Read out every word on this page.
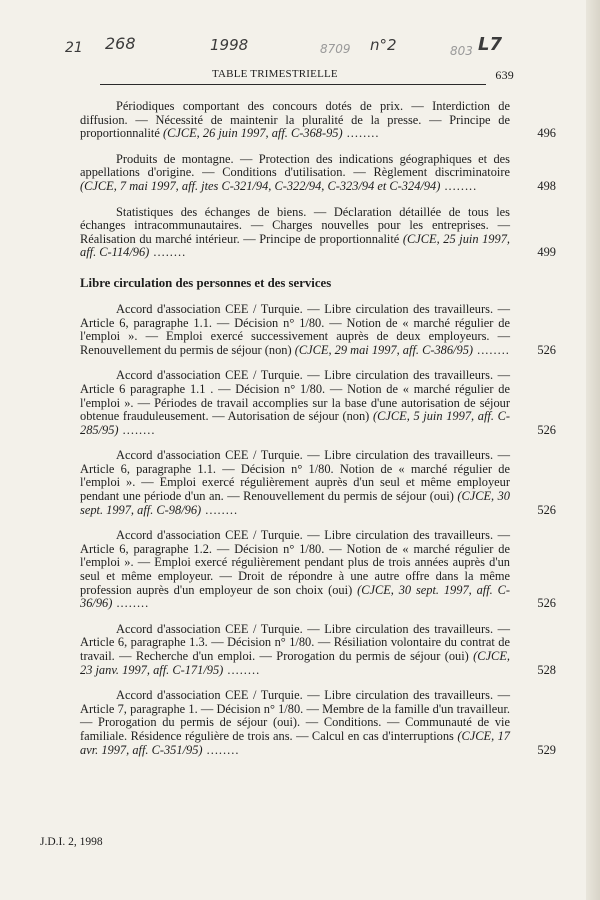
21 268	1998	8709 n°2	803 L7
TABLE TRIMESTRIELLE	639
Périodiques comportant des concours dotés de prix. — Interdiction de diffusion. — Nécessité de maintenir la pluralité de la presse. — Principe de proportionnalité (CJCE, 26 juin 1997, aff. C-368-95) ........	496
Produits de montagne. — Protection des indications géographiques et des appellations d'origine. — Conditions d'utilisation. — Règlement discriminatoire (CJCE, 7 mai 1997, aff. jtes C-321/94, C-322/94, C-323/94 et C-324/94) ........	498
Statistiques des échanges de biens. — Déclaration détaillée de tous les échanges intracommunautaires. — Charges nouvelles pour les entreprises. — Réalisation du marché intérieur. — Principe de proportionnalité (CJCE, 25 juin 1997, aff. C-114/96) ........	499
Libre circulation des personnes et des services
Accord d'association CEE / Turquie. — Libre circulation des travailleurs. — Article 6, paragraphe 1.1. — Décision n° 1/80. — Notion de « marché régulier de l'emploi ». — Emploi exercé successivement auprès de deux employeurs. — Renouvellement du permis de séjour (non) (CJCE, 29 mai 1997, aff. C-386/95) ........ 526
Accord d'association CEE / Turquie. — Libre circulation des travailleurs. — Article 6 paragraphe 1.1 . — Décision n° 1/80. — Notion de « marché régulier de l'emploi ». — Périodes de travail accomplies sur la base d'une autorisation de séjour obtenue frauduleusement. — Autorisation de séjour (non) (CJCE, 5 juin 1997, aff. C-285/95) ........	526
Accord d'association CEE / Turquie. — Libre circulation des travailleurs. — Article 6, paragraphe 1.1. — Décision n° 1/80. Notion de « marché régulier de l'emploi ». — Emploi exercé régulièrement auprès d'un seul et même employeur pendant une période d'un an. — Renouvellement du permis de séjour (oui) (CJCE, 30 sept. 1997, aff. C-98/96) ........	526
Accord d'association CEE / Turquie. — Libre circulation des travailleurs. — Article 6, paragraphe 1.2. — Décision n° 1/80. — Notion de « marché régulier de l'emploi ». — Emploi exercé régulièrement pendant plus de trois années auprès d'un seul et même employeur. — Droit de répondre à une autre offre dans la même profession auprès d'un employeur de son choix (oui) (CJCE, 30 sept. 1997, aff. C-36/96) ........	526
Accord d'association CEE / Turquie. — Libre circulation des travailleurs. — Article 6, paragraphe 1.3. — Décision n° 1/80. — Résiliation volontaire du contrat de travail. — Recherche d'un emploi. — Prorogation du permis de séjour (oui) (CJCE, 23 janv. 1997, aff. C-171/95) ........	528
Accord d'association CEE / Turquie. — Libre circulation des travailleurs. — Article 7, paragraphe 1. — Décision n° 1/80. — Membre de la famille d'un travailleur. — Prorogation du permis de séjour (oui). — Conditions. — Communauté de vie familiale. Résidence régulière de trois ans. — Calcul en cas d'interruptions (CJCE, 17 avr. 1997, aff. C-351/95) ........	529
J.D.I. 2, 1998
